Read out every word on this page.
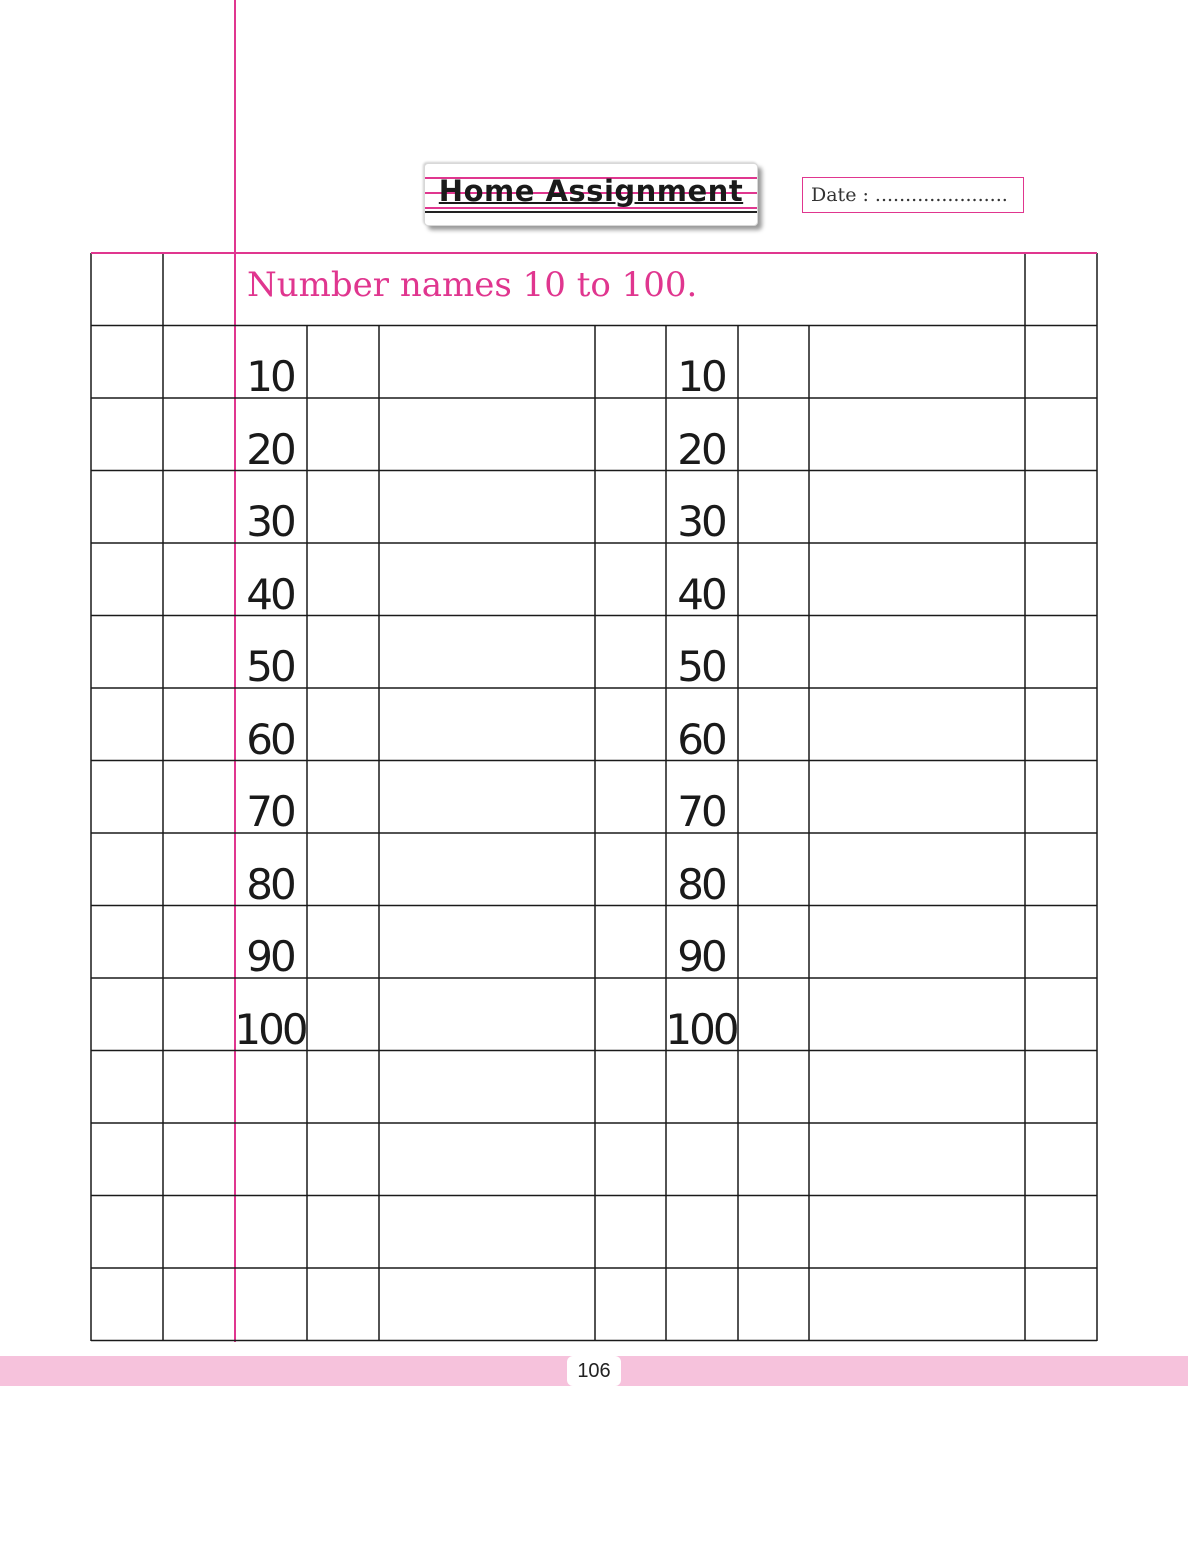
Home Assignment	Date : ......................
Number names 10 to 100.
10
20
30
40
50
60
70
80
90
100
10
20
30
40
50
60
70
80
90
100
106
